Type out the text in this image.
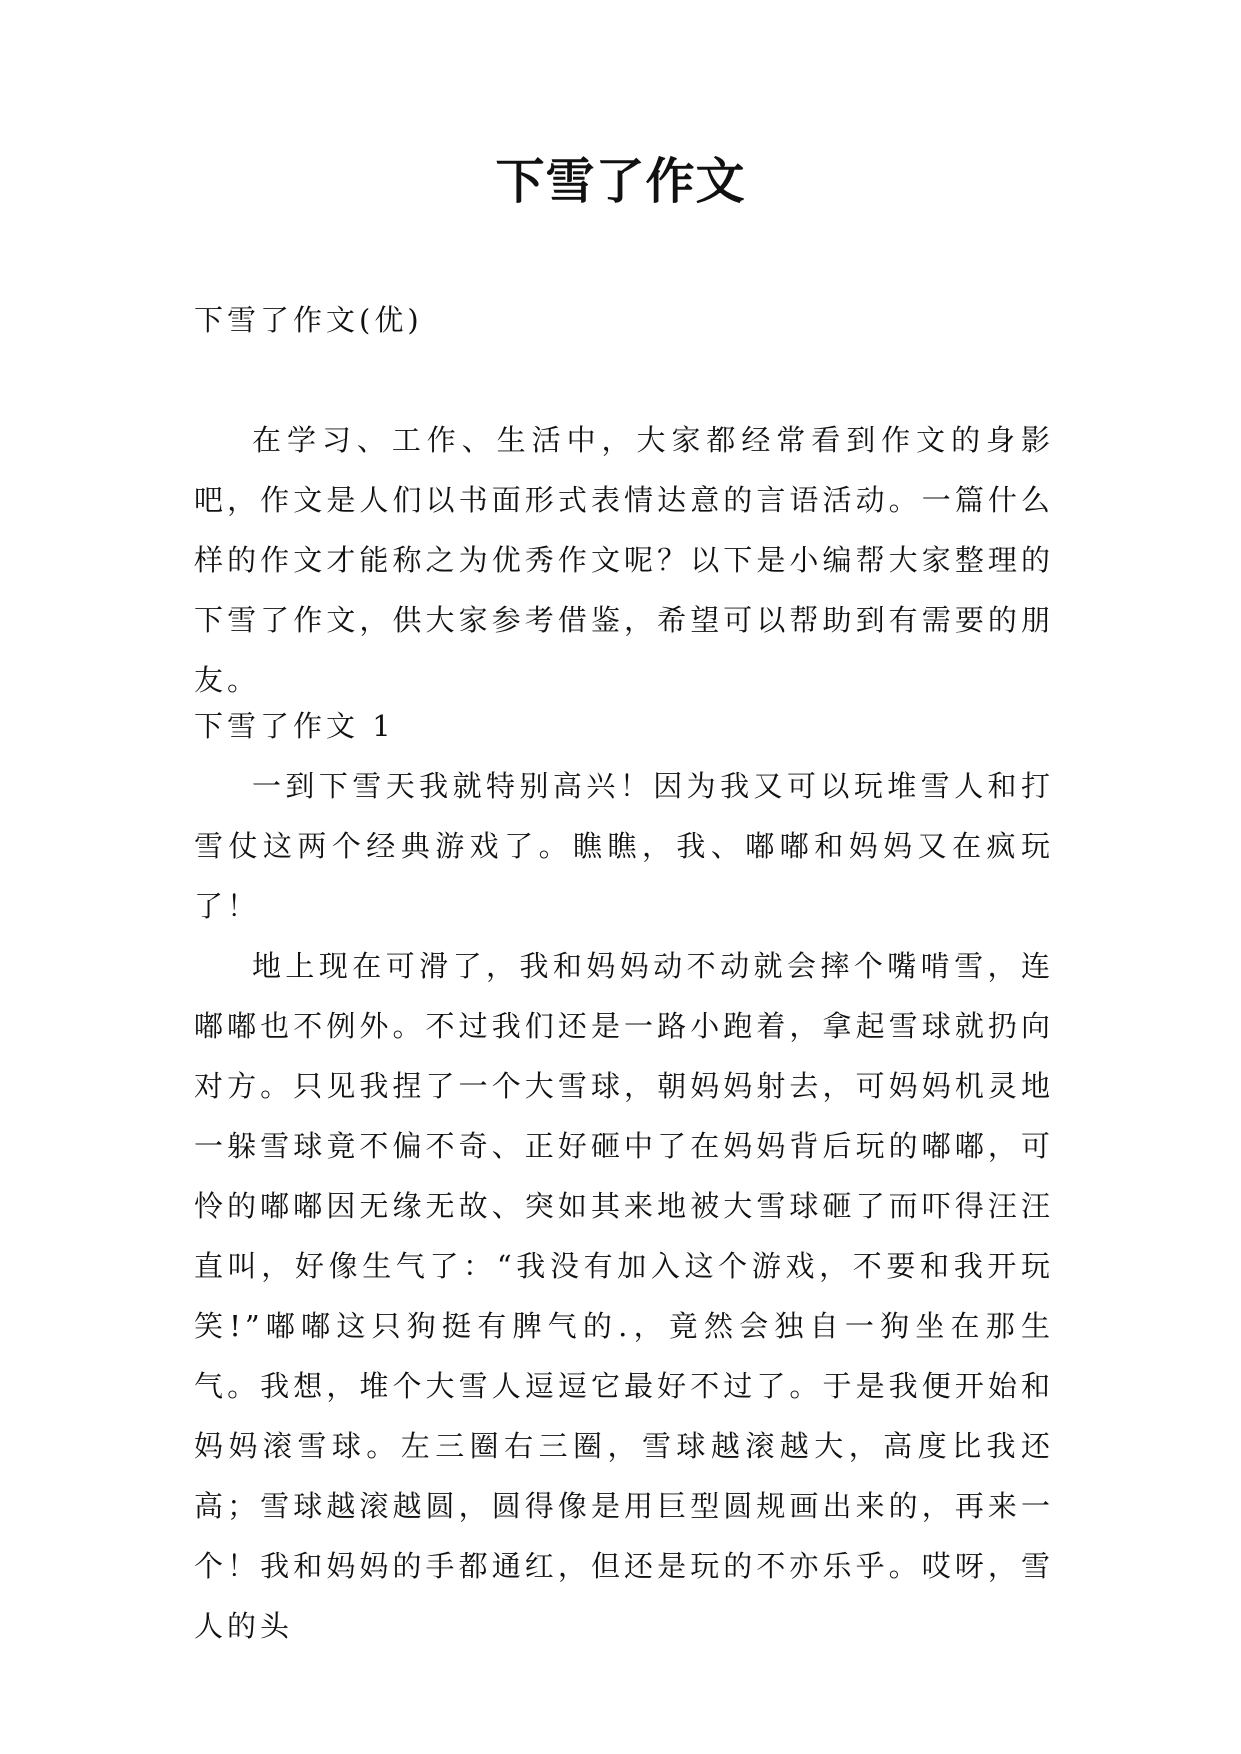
下雪了作文
下雪了作文(优)

在学习、工作、生活中，大家都经常看到作文的身影吧，作文是人们以书面形式表情达意的言语活动。一篇什么样的作文才能称之为优秀作文呢？以下是小编帮大家整理的下雪了作文，供大家参考借鉴，希望可以帮助到有需要的朋友。

下雪了作文 1

一到下雪天我就特别高兴！因为我又可以玩堆雪人和打雪仗这两个经典游戏了。瞧瞧，我、嘟嘟和妈妈又在疯玩了！

地上现在可滑了，我和妈妈动不动就会摔个嘴啃雪，连嘟嘟也不例外。不过我们还是一路小跑着，拿起雪球就扔向对方。只见我捏了一个大雪球，朝妈妈射去，可妈妈机灵地一躲雪球竟不偏不奇、正好砸中了在妈妈背后玩的嘟嘟，可怜的嘟嘟因无缘无故、突如其来地被大雪球砸了而吓得汪汪直叫，好像生气了：“我没有加入这个游戏，不要和我开玩笑!”嘟嘟这只狗挺有脾气的.，竟然会独自一狗坐在那生气。我想，堆个大雪人逗逗它最好不过了。于是我便开始和妈妈滚雪球。左三圈右三圈，雪球越滚越大，高度比我还高；雪球越滚越圆，圆得像是用巨型圆规画出来的，再来一个！我和妈妈的手都通红，但还是玩的不亦乐乎。哎呀，雪人的头
